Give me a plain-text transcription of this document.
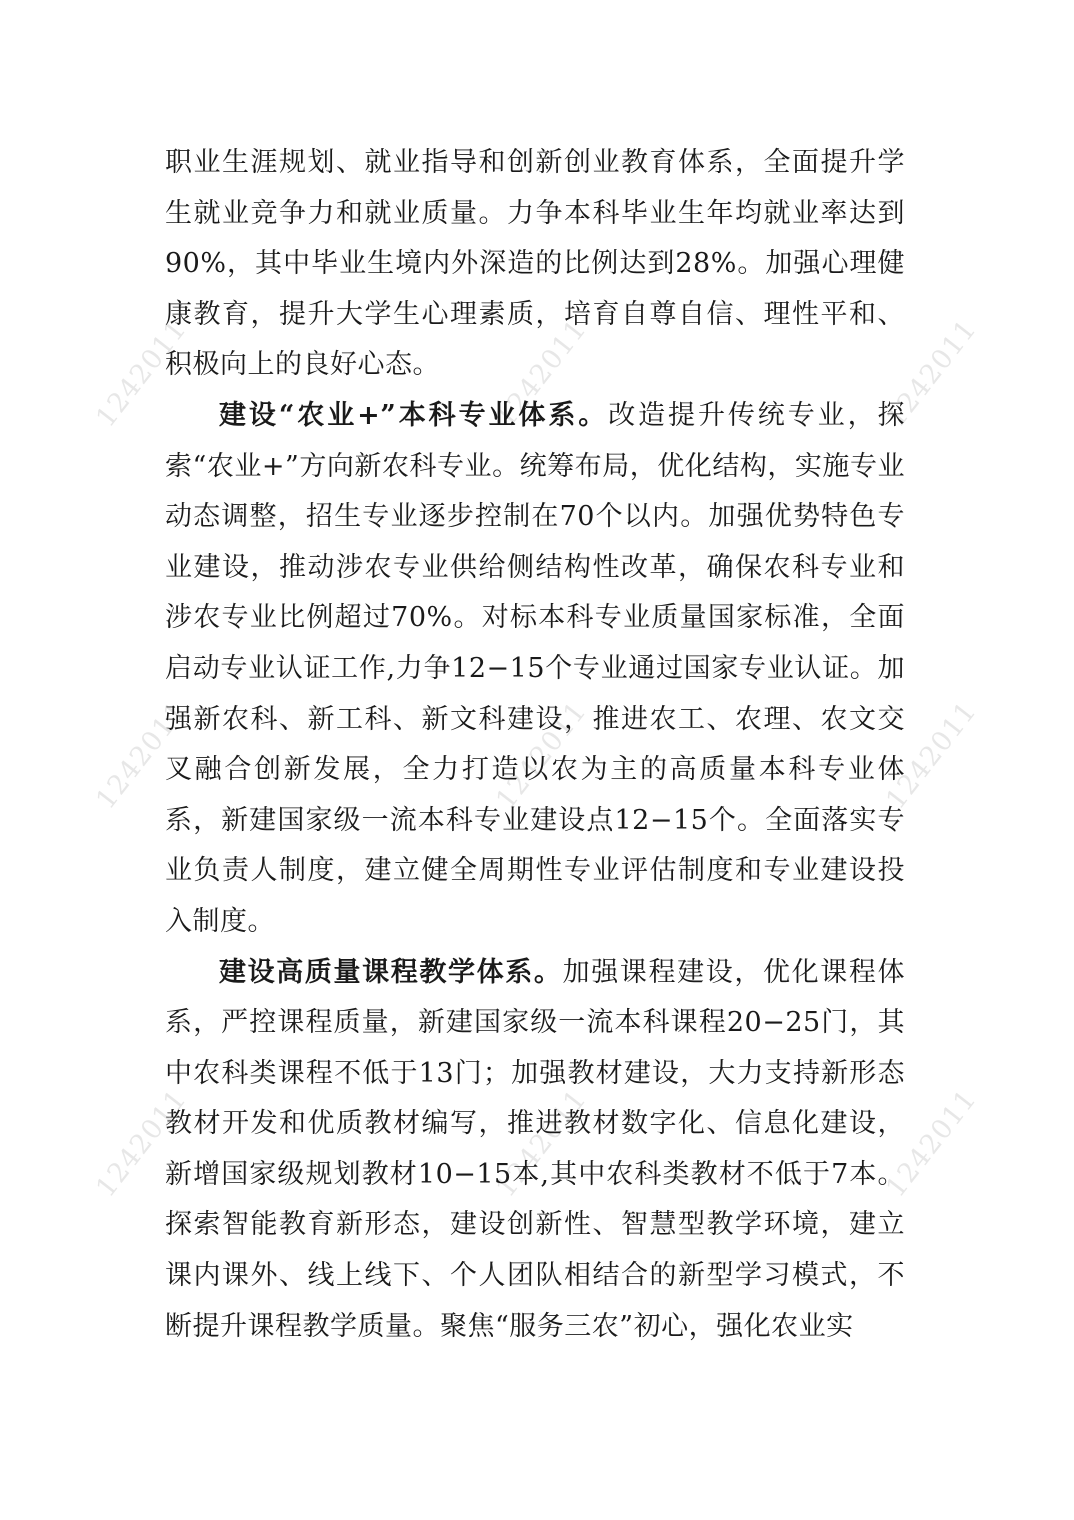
1242011	1242011	1242011
1242011	1242011	1242011
1242011	1242011	1242011

职业生涯规划、就业指导和创新创业教育体系，全面提升学生就业竞争力和就业质量。力争本科毕业生年均就业率达到90%，其中毕业生境内外深造的比例达到28%。加强心理健康教育，提升大学生心理素质，培育自尊自信、理性平和、积极向上的良好心态。

建设“农业+”本科专业体系。改造提升传统专业，探索“农业+”方向新农科专业。统筹布局，优化结构，实施专业动态调整，招生专业逐步控制在70个以内。加强优势特色专业建设，推动涉农专业供给侧结构性改革，确保农科专业和涉农专业比例超过70%。对标本科专业质量国家标准，全面启动专业认证工作,力争12−15个专业通过国家专业认证。加强新农科、新工科、新文科建设，推进农工、农理、农文交叉融合创新发展，全力打造以农为主的高质量本科专业体系，新建国家级一流本科专业建设点12−15个。全面落实专业负责人制度，建立健全周期性专业评估制度和专业建设投入制度。

建设高质量课程教学体系。加强课程建设，优化课程体系，严控课程质量，新建国家级一流本科课程20−25门，其中农科类课程不低于13门；加强教材建设，大力支持新形态教材开发和优质教材编写，推进教材数字化、信息化建设，新增国家级规划教材10−15本,其中农科类教材不低于7本。探索智能教育新形态，建设创新性、智慧型教学环境，建立课内课外、线上线下、个人团队相结合的新型学习模式，不断提升课程教学质量。聚焦“服务三农”初心，强化农业实
